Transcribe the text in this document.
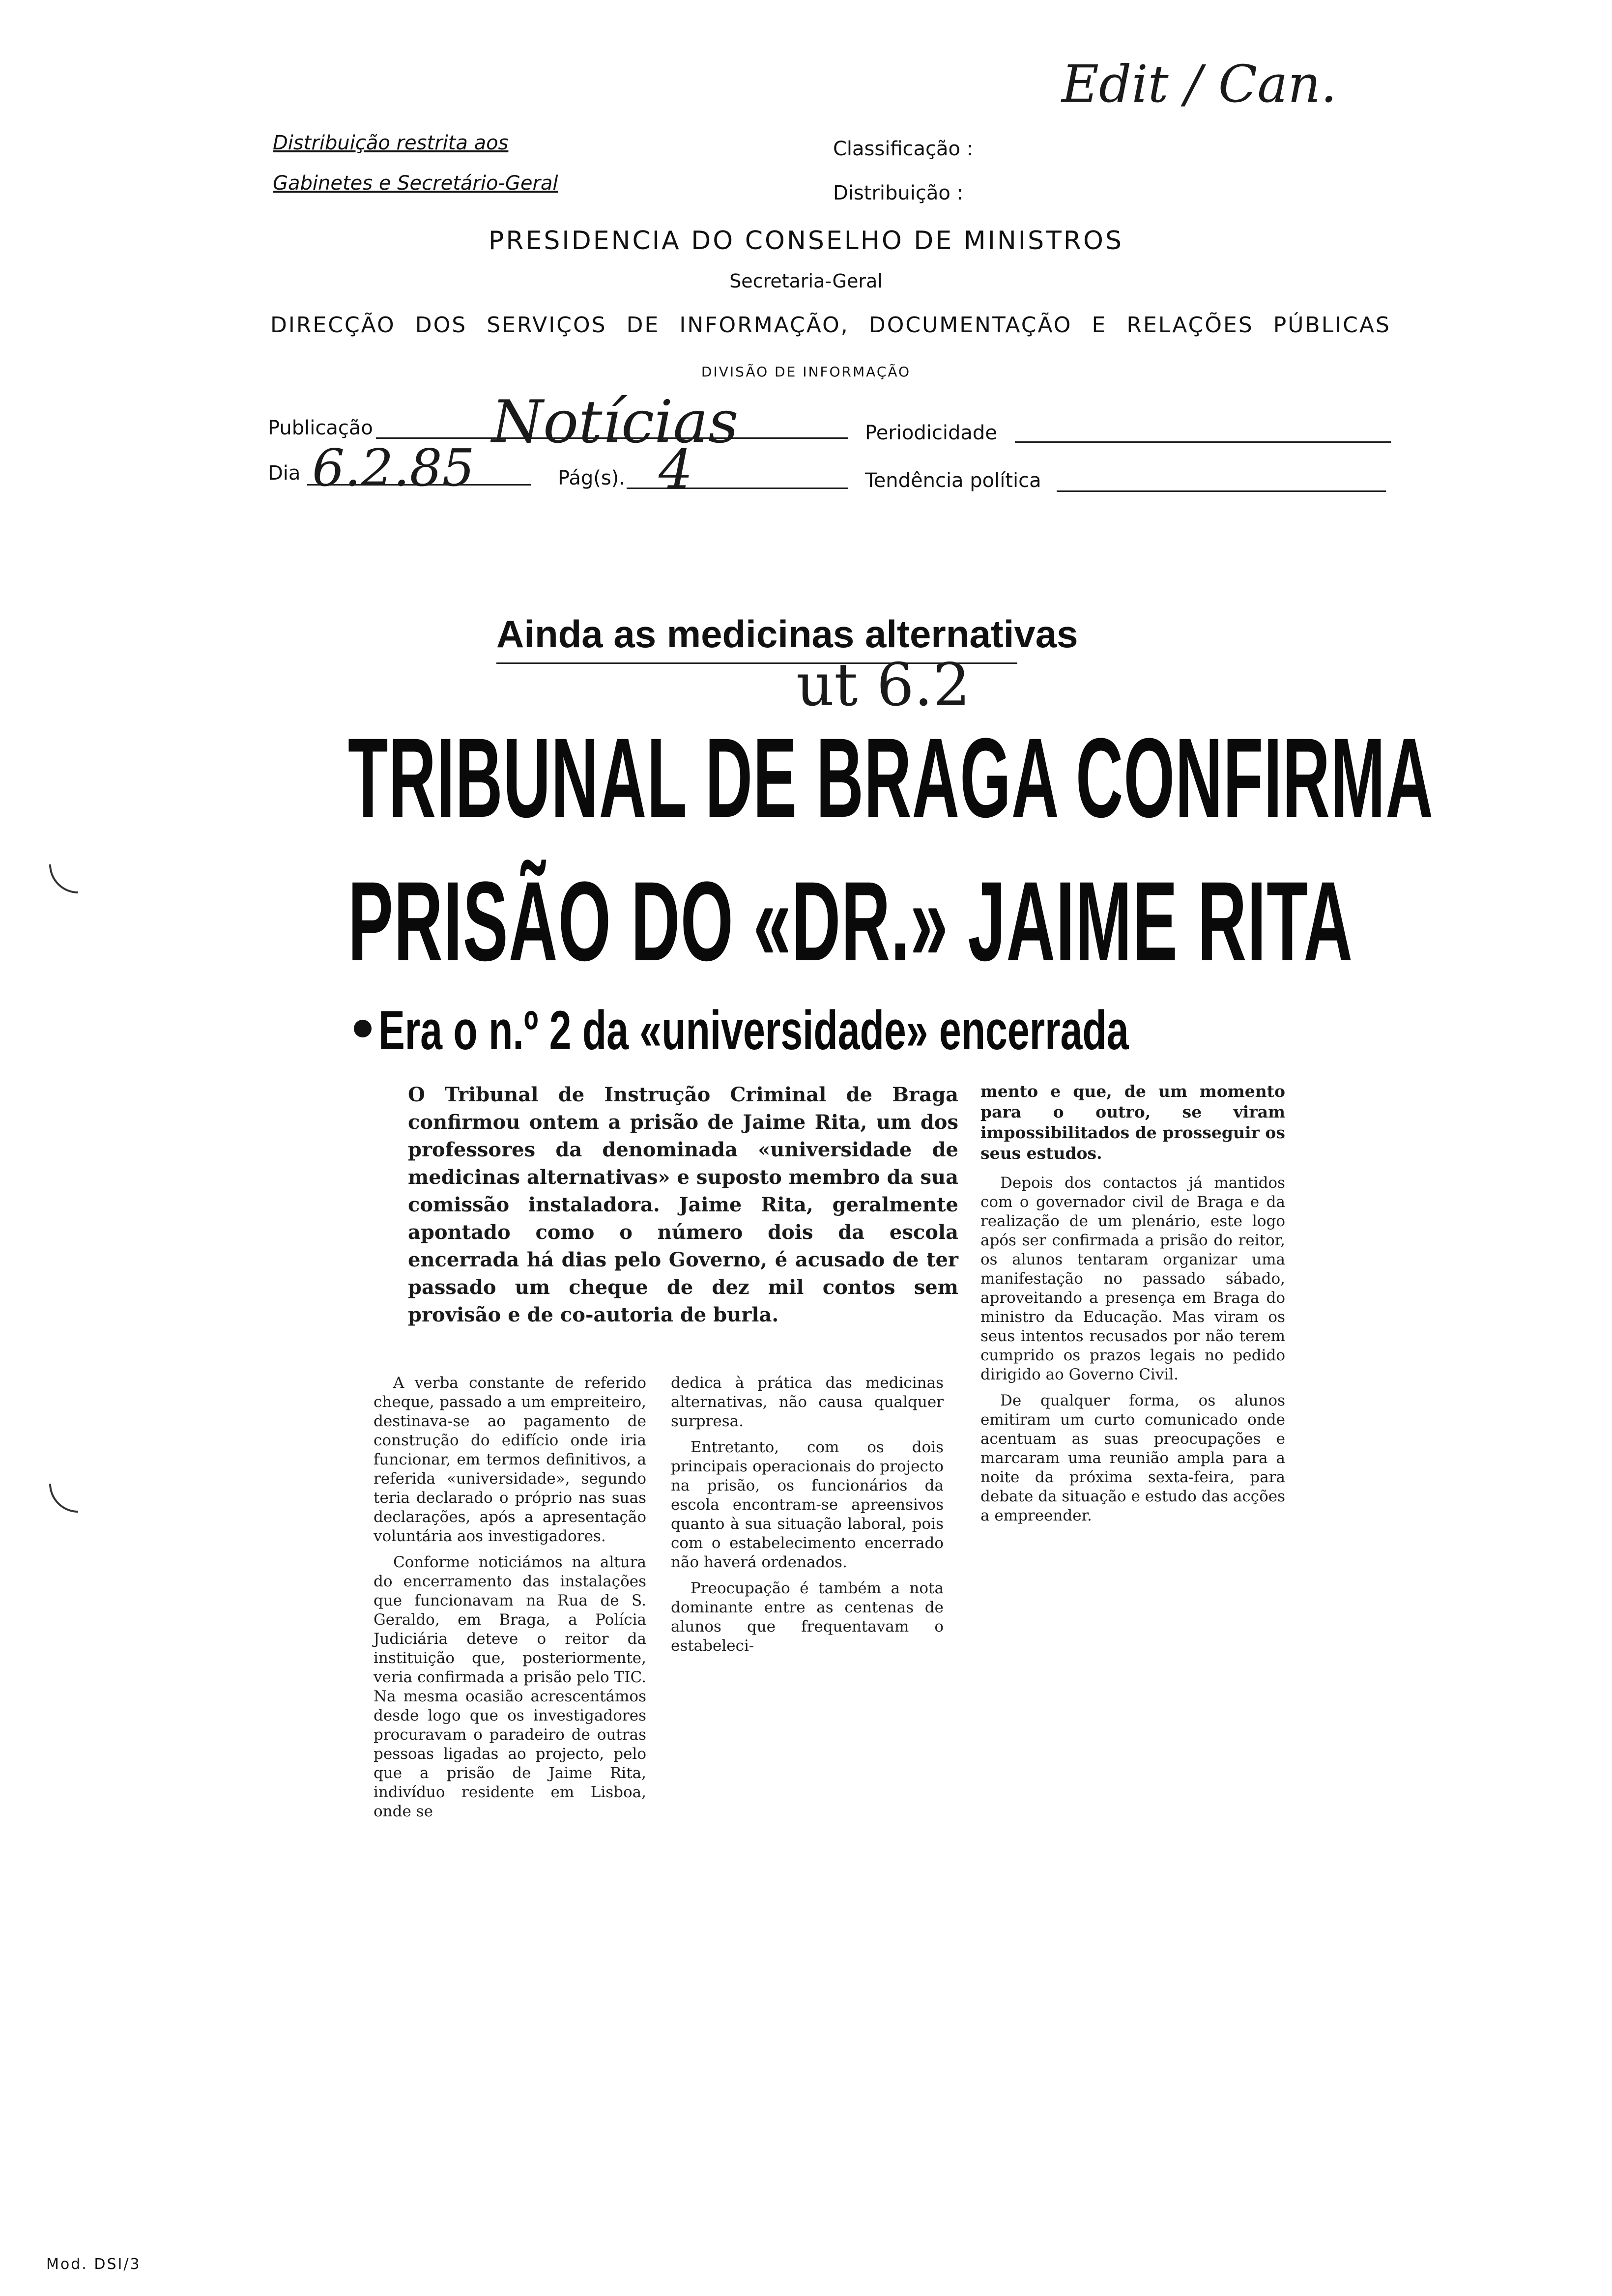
Edit / Can.
Distribuição restrita aos
Gabinetes e Secretário-Geral
Classificação :
Distribuição :
PRESIDENCIA DO CONSELHO DE MINISTROS
Secretaria-Geral
DIRECÇÃO DOS SERVIÇOS DE INFORMAÇÃO, DOCUMENTAÇÃO E RELAÇÕES PÚBLICAS
DIVISÃO DE INFORMAÇÃO
Publicação Notícias	Periodicidade
Dia 6.2.85	Pág(s). 4	Tendência política
Ainda as medicinas alternativas
ut 6.2
TRIBUNAL DE BRAGA CONFIRMA
PRISÃO DO «DR.» JAIME RITA
Era o n.º 2 da «universidade» encerrada
O Tribunal de Instrução Criminal de Braga confirmou ontem a prisão de Jaime Rita, um dos professores da denominada «universidade de medicinas alternativas» e suposto membro da sua comissão instaladora. Jaime Rita, geralmente apontado como o número dois da escola encerrada há dias pelo Governo, é acusado de ter passado um cheque de dez mil contos sem provisão e de co-autoria de burla.

A verba constante de referido cheque, passado a um empreiteiro, destinava-se ao pagamento de construção do edifício onde iria funcionar, em termos definitivos, a referida «universidade», segundo teria declarado o próprio nas suas declarações, após a apresentação voluntária aos investigadores.

Conforme noticiámos na altura do encerramento das instalações que funcionavam na Rua de S. Geraldo, em Braga, a Polícia Judiciária deteve o reitor da instituição que, posteriormente, veria confirmada a prisão pelo TIC. Na mesma ocasião acrescentámos desde logo que os investigadores procuravam o paradeiro de outras pessoas ligadas ao projecto, pelo que a prisão de Jaime Rita, indivíduo residente em Lisboa, onde se

dedica à prática das medicinas alternativas, não causa qualquer surpresa.

Entretanto, com os dois principais operacionais do projecto na prisão, os funcionários da escola encontram-se apreensivos quanto à sua situação laboral, pois com o estabelecimento encerrado não haverá ordenados.

Preocupação é também a nota dominante entre as centenas de alunos que frequentavam o estabeleci-

mento e que, de um momento para o outro, se viram impossibilitados de prosseguir os seus estudos.

Depois dos contactos já mantidos com o governador civil de Braga e da realização de um plenário, este logo após ser confirmada a prisão do reitor, os alunos tentaram organizar uma manifestação no passado sábado, aproveitando a presença em Braga do ministro da Educação. Mas viram os seus intentos recusados por não terem cumprido os prazos legais no pedido dirigido ao Governo Civil.

De qualquer forma, os alunos emitiram um curto comunicado onde acentuam as suas preocupações e marcaram uma reunião ampla para a noite da próxima sexta-feira, para debate da situação e estudo das acções a empreender.

Mod. DSI/3
